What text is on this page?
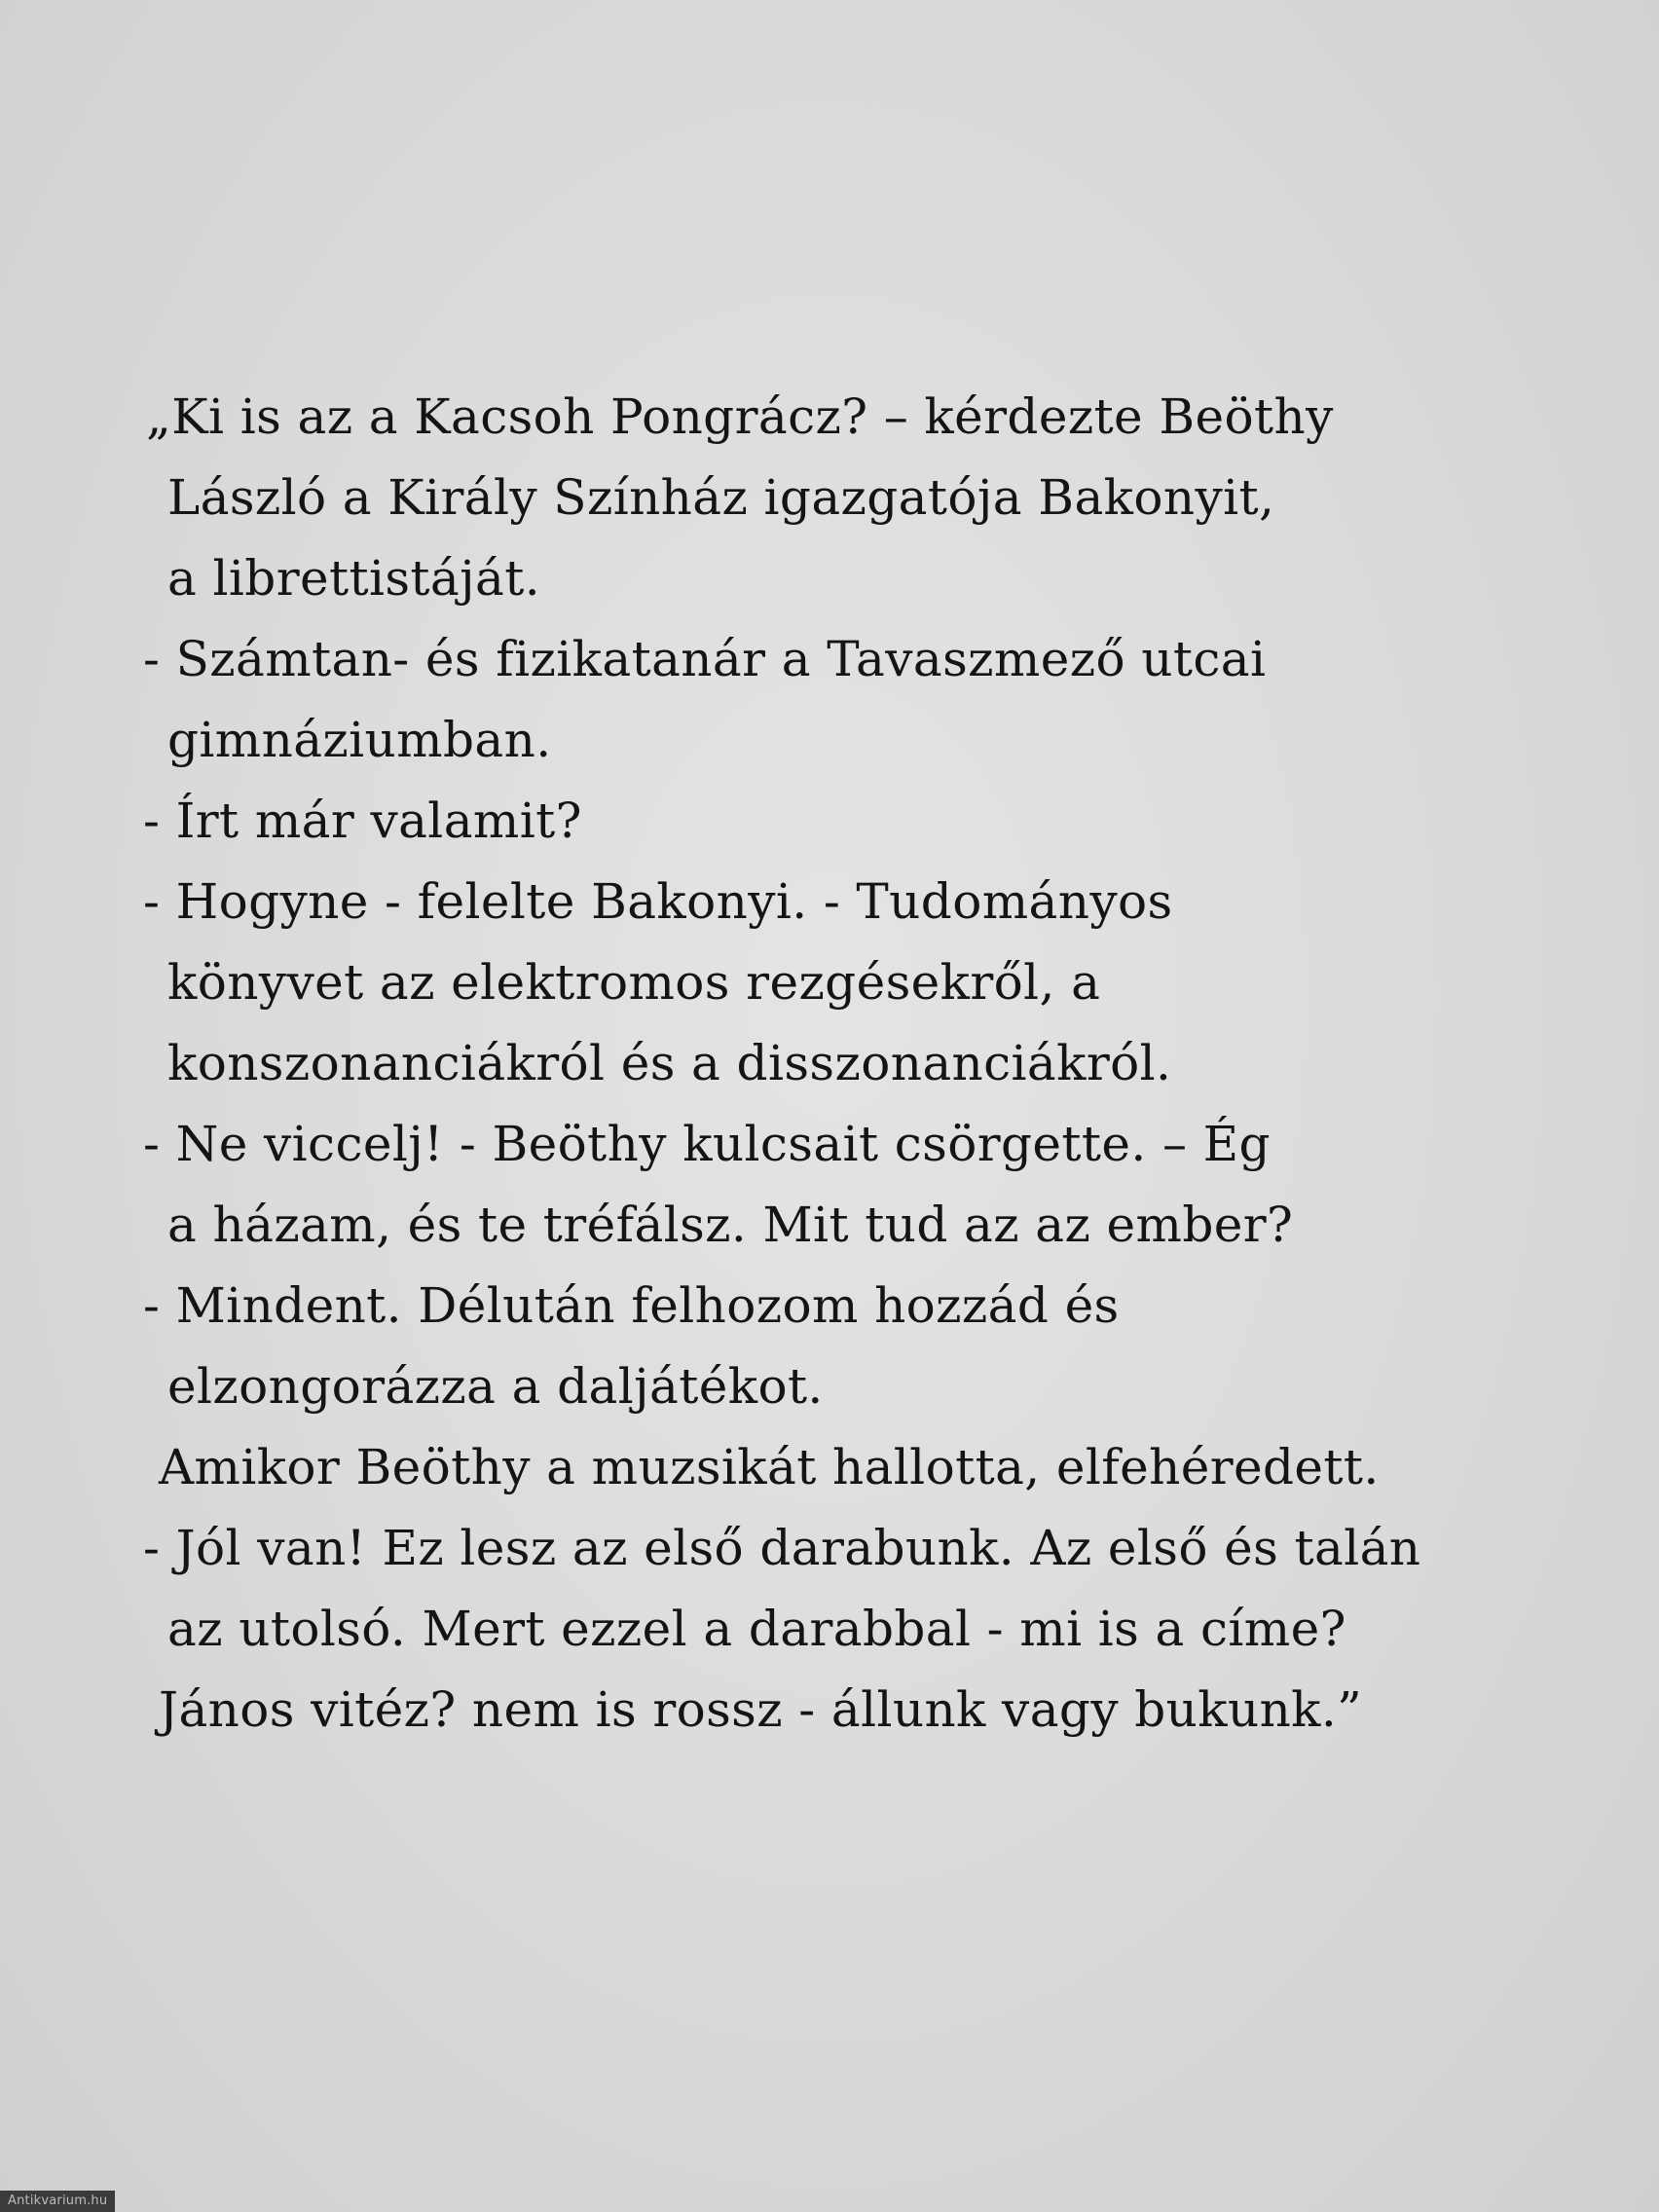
„Ki is az a Kacsoh Pongrácz? – kérdezte Beöthy
László a Király Színház igazgatója Bakonyit,
a librettistáját.
- Számtan- és fizikatanár a Tavaszmező utcai
gimnáziumban.
- Írt már valamit?
- Hogyne - felelte Bakonyi. - Tudományos
könyvet az elektromos rezgésekről, a
konszonanciákról és a disszonanciákról.
- Ne viccelj! - Beöthy kulcsait csörgette. – Ég
a házam, és te tréfálsz. Mit tud az az ember?
- Mindent. Délután felhozom hozzád és
elzongorázza a daljátékot.
Amikor Beöthy a muzsikát hallotta, elfehéredett.
- Jól van! Ez lesz az első darabunk. Az első és talán
az utolsó. Mert ezzel a darabbal - mi is a címe?
János vitéz? nem is rossz - állunk vagy bukunk.”
Antikvarium.hu
